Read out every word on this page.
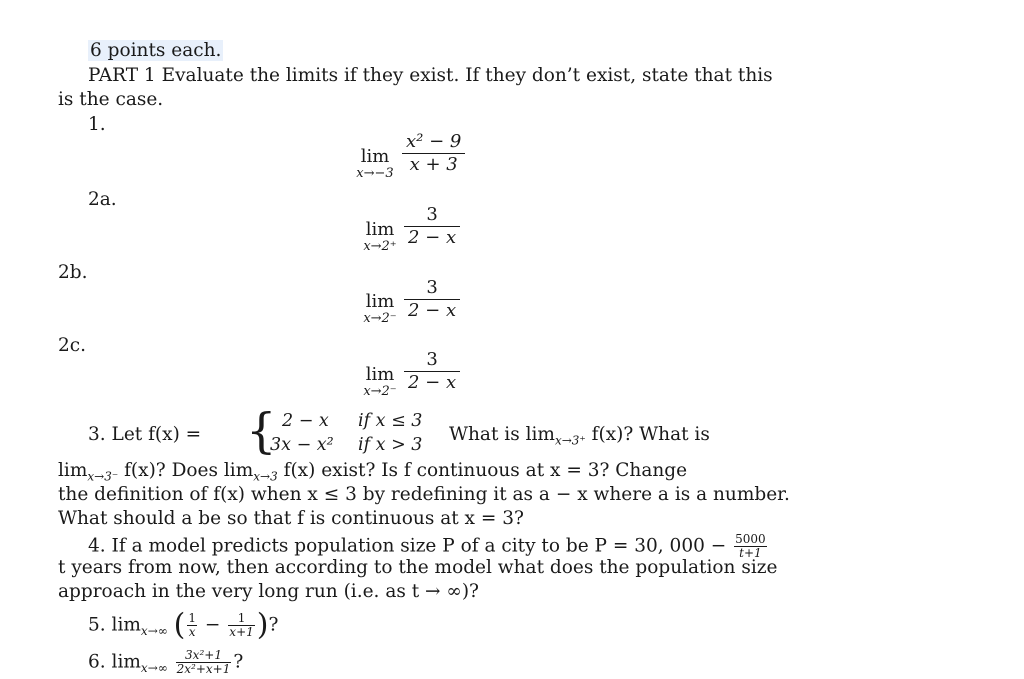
6 points each.
PART 1 Evaluate the limits if they exist. If they don’t exist, state that this
is the case.
1.
lim
$x\to-3 \frac{\text{x² − 9}}{x + 3}$
2a.
lim
$x\to 2^+ \frac{3}{2 - x}$
2b.
lim
$x\to 2^- \frac{3}{2 - x}$
2c.
lim
$x\to 2^- \frac{3}{2 - x}$
3. Let f(x) = { 2 − x if x ≤ 3
3x − x² if x > 3 What is $\lim_{x\to 3^+} f(x)$? What is
$\lim_{x\to 3^-} f(x)$? Does $\lim_{x\to 3} f(x)$ exist? Is f continuous at x = 3? Change
the definition of f(x) when x ≤ 3 by redefining it as a − x where a is a number.
What should a be so that f is continuous at x = 3?
4. If a model predicts population size P of a city to be P = 30, $000 - \frac{5000}{t+1}$
t years from now, then according to the model what does the population size
approach in the very long run (i.e. as t → ∞)?
5. $\lim_{x\to\infty}$ ( $\frac{1}{x} - \frac{1}{x+1}$ )?
6. $\lim_{x\to\infty} \frac{\text{3x²+1}}{\text{2x²+x+1}}$ ?
